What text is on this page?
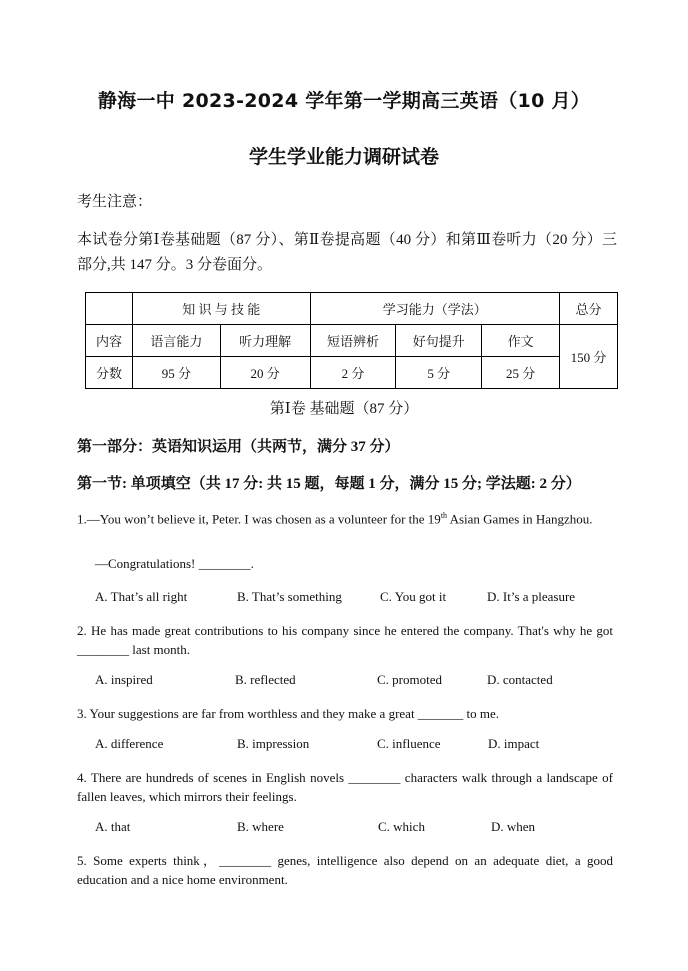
静海一中 2023-2024 学年第一学期高三英语（10 月）
学生学业能力调研试卷
考生注意：
本试卷分第Ⅰ卷基础题（87 分）、第Ⅱ卷提高题（40 分）和第Ⅲ卷听力（20 分）三部分,共 147 分。3 分卷面分。
	知 识 与 技 能		学习能力（学法）			总分
内容	语言能力	听力理解	短语辨析	好句提升	作文	150 分
分数	95 分	20 分	2 分	5 分	25 分	
第Ⅰ卷 基础题（87 分）
第一部分：英语知识运用（共两节，满分 37 分）
第一节: 单项填空（共 17 分: 共 15 题，每题 1 分，满分 15 分; 学法题: 2 分）
1.—You won’t believe it, Peter. I was chosen as a volunteer for the 19th Asian Games in Hangzhou.
—Congratulations! ________.
A. That’s all right	B. That’s something	C. You got it	D. It’s a pleasure
2. He has made great contributions to his company since he entered the company. That's why he got ________ last month.
A. inspired	B. reflected	C. promoted	D. contacted
3. Your suggestions are far from worthless and they make a great _______ to me.
A. difference	B. impression	C. influence	D. impact
4. There are hundreds of scenes in English novels ________ characters walk through a landscape of fallen leaves, which mirrors their feelings.
A. that	B. where	C. which	D. when
5. Some experts think，________ genes, intelligence also depend on an adequate diet, a good education and a nice home environment.
